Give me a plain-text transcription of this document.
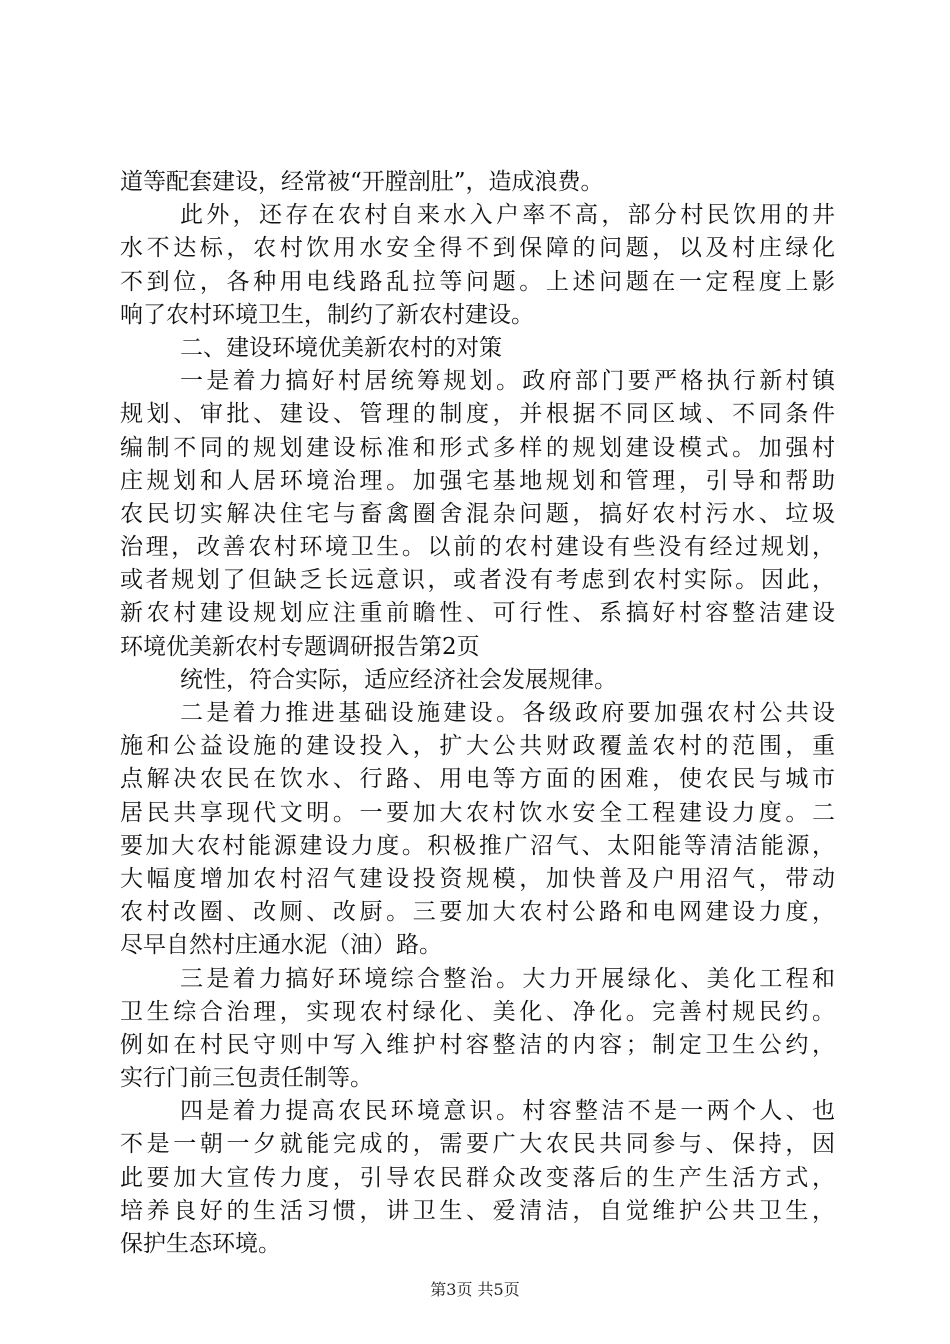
道等配套建设，经常被“开膛剖肚”，造成浪费。
此外，还存在农村自来水入户率不高，部分村民饮用的井
水不达标，农村饮用水安全得不到保障的问题，以及村庄绿化
不到位，各种用电线路乱拉等问题。上述问题在一定程度上影
响了农村环境卫生，制约了新农村建设。
二、建设环境优美新农村的对策
一是着力搞好村居统筹规划。政府部门要严格执行新村镇
规划、审批、建设、管理的制度，并根据不同区域、不同条件
编制不同的规划建设标准和形式多样的规划建设模式。加强村
庄规划和人居环境治理。加强宅基地规划和管理，引导和帮助
农民切实解决住宅与畜禽圈舍混杂问题，搞好农村污水、垃圾
治理，改善农村环境卫生。以前的农村建设有些没有经过规划，
或者规划了但缺乏长远意识，或者没有考虑到农村实际。因此，
新农村建设规划应注重前瞻性、可行性、系搞好村容整洁建设
环境优美新农村专题调研报告第2页
统性，符合实际，适应经济社会发展规律。
二是着力推进基础设施建设。各级政府要加强农村公共设
施和公益设施的建设投入，扩大公共财政覆盖农村的范围，重
点解决农民在饮水、行路、用电等方面的困难，使农民与城市
居民共享现代文明。一要加大农村饮水安全工程建设力度。二
要加大农村能源建设力度。积极推广沼气、太阳能等清洁能源，
大幅度增加农村沼气建设投资规模，加快普及户用沼气，带动
农村改圈、改厕、改厨。三要加大农村公路和电网建设力度，
尽早自然村庄通水泥（油）路。
三是着力搞好环境综合整治。大力开展绿化、美化工程和
卫生综合治理，实现农村绿化、美化、净化。完善村规民约。
例如在村民守则中写入维护村容整洁的内容；制定卫生公约，
实行门前三包责任制等。
四是着力提高农民环境意识。村容整洁不是一两个人、也
不是一朝一夕就能完成的，需要广大农民共同参与、保持，因
此要加大宣传力度，引导农民群众改变落后的生产生活方式，
培养良好的生活习惯，讲卫生、爱清洁，自觉维护公共卫生，
保护生态环境。
第3页 共5页
